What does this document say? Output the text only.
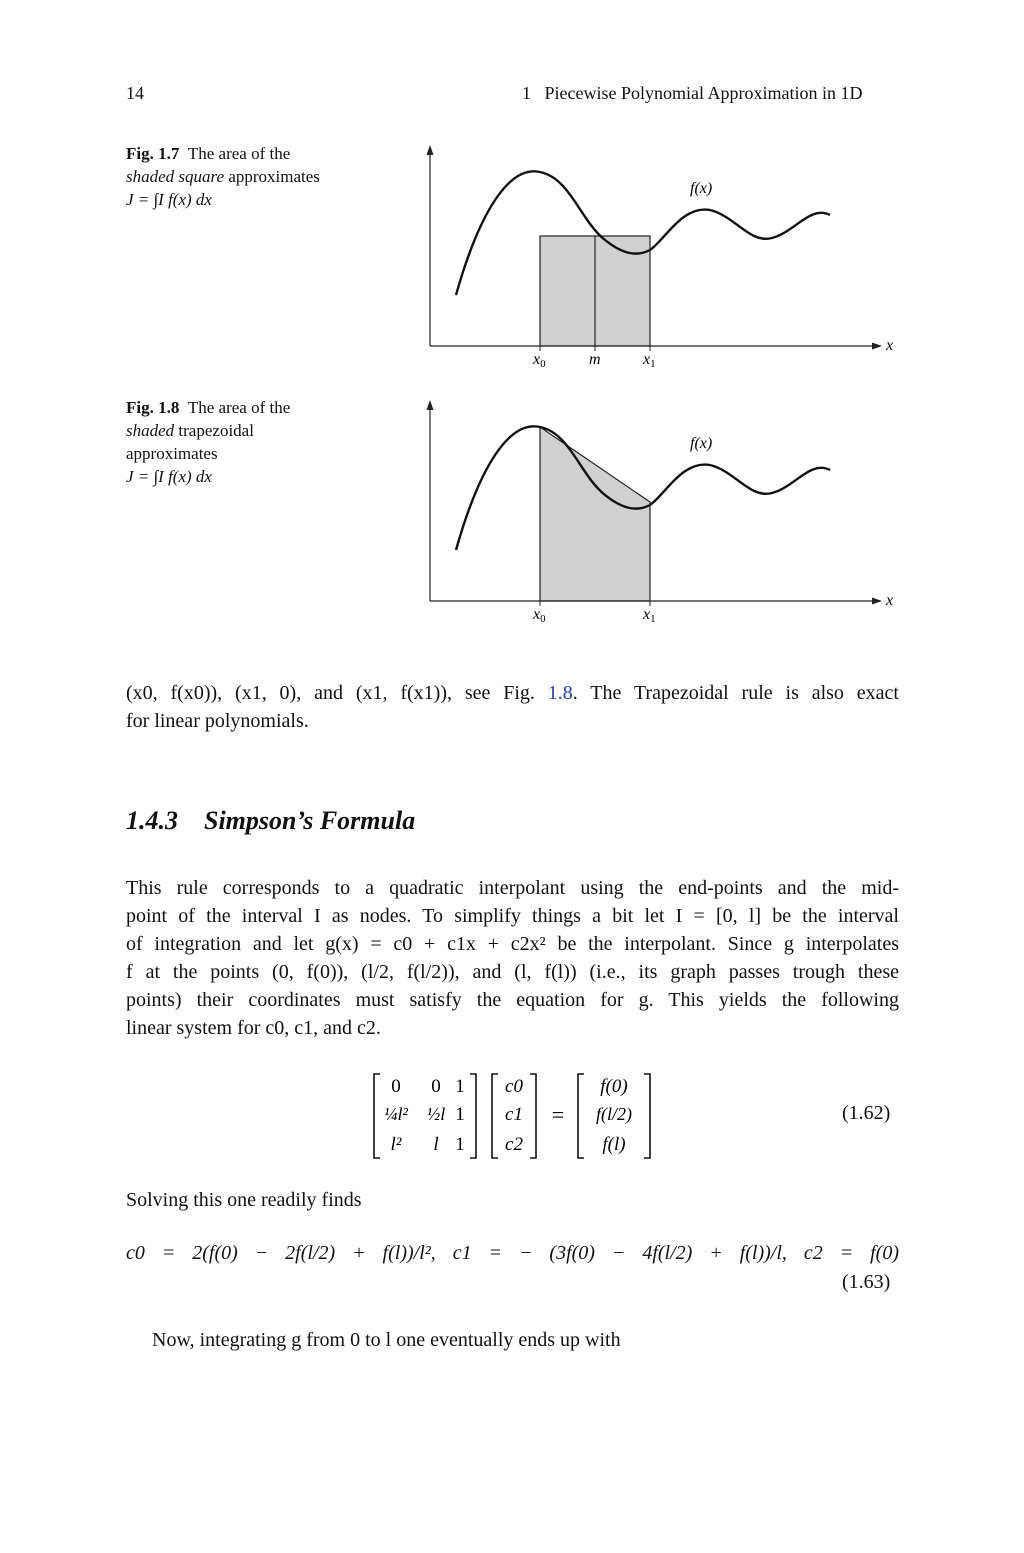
14	1   Piecewise Polynomial Approximation in 1D
Fig. 1.7 The area of the
shaded square approximates
J = ∫I f(x) dx
f(x)
x
x0	m	x1
Fig. 1.8 The area of the
shaded trapezoidal
approximates
J = ∫I f(x) dx
f(x)
x
x0	x1
(x0, f(x0)), (x1, 0), and (x1, f(x1)), see Fig. 1.8. The Trapezoidal rule is also exact
for linear polynomials.
1.4.3 Simpson’s Formula
This rule corresponds to a quadratic interpolant using the end-points and the mid-
point of the interval I as nodes. To simplify things a bit let I = [0, l] be the interval
of integration and let g(x) = c0 + c1x + c2x² be the interpolant. Since g interpolates
f at the points (0, f(0)), (l/2, f(l/2)), and (l, f(l)) (i.e., its graph passes trough these
points) their coordinates must satisfy the equation for g. This yields the following
linear system for c0, c1, and c2.
0 0 1
¼l² ½l 1
l² l 1
c0
c1
c2
=
f(0)
f(l/2)
f(l)
(1.62)
Solving this one readily finds
c0 = 2(f(0) − 2f(l/2) + f(l))/l², c1 = − (3f(0) − 4f(l/2) + f(l))/l, c2 = f(0)
(1.63)
Now, integrating g from 0 to l one eventually ends up with
